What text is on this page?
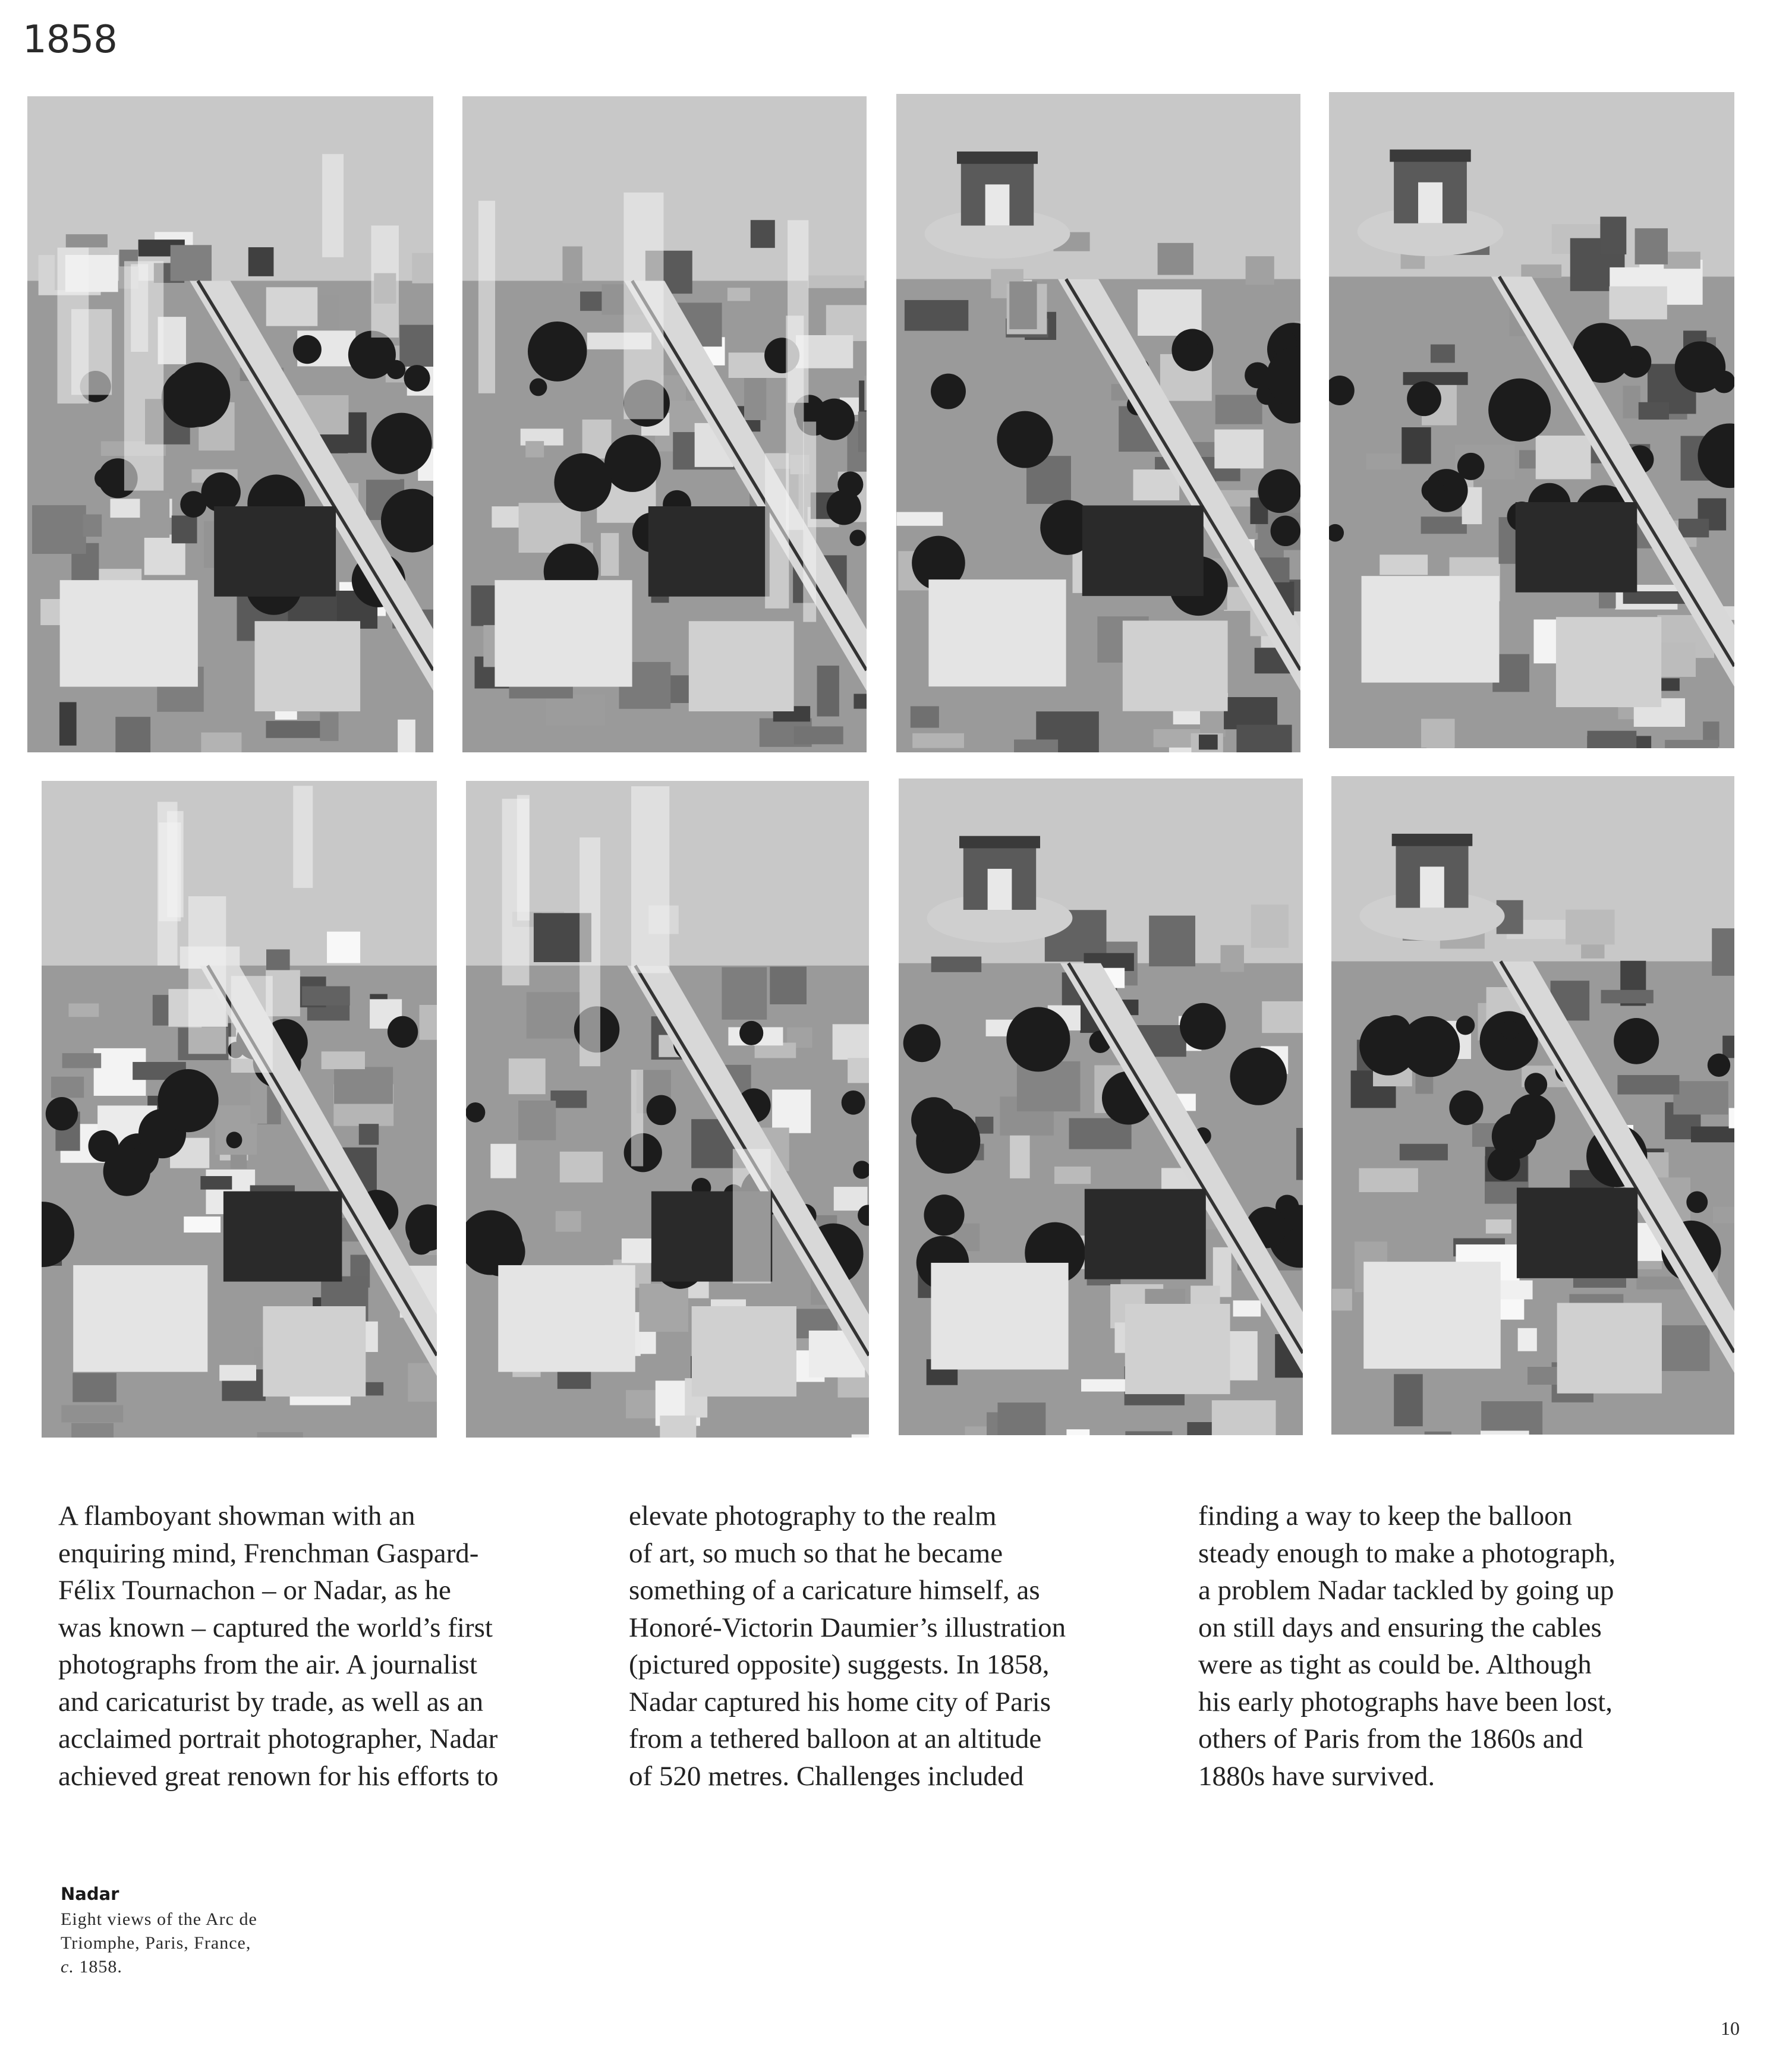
1858
A flamboyant showman with an
enquiring mind, Frenchman Gaspard-
Félix Tournachon – or Nadar, as he
was known – captured the world’s first
photographs from the air. A journalist
and caricaturist by trade, as well as an
acclaimed portrait photographer, Nadar
achieved great renown for his efforts to
elevate photography to the realm
of art, so much so that he became
something of a caricature himself, as
Honoré-Victorin Daumier’s illustration
(pictured opposite) suggests. In 1858,
Nadar captured his home city of Paris
from a tethered balloon at an altitude
of 520 metres. Challenges included
finding a way to keep the balloon
steady enough to make a photograph,
a problem Nadar tackled by going up
on still days and ensuring the cables
were as tight as could be. Although
his early photographs have been lost,
others of Paris from the 1860s and
1880s have survived.
Nadar
Eight views of the Arc de
Triomphe, Paris, France,
c. 1858.
10
